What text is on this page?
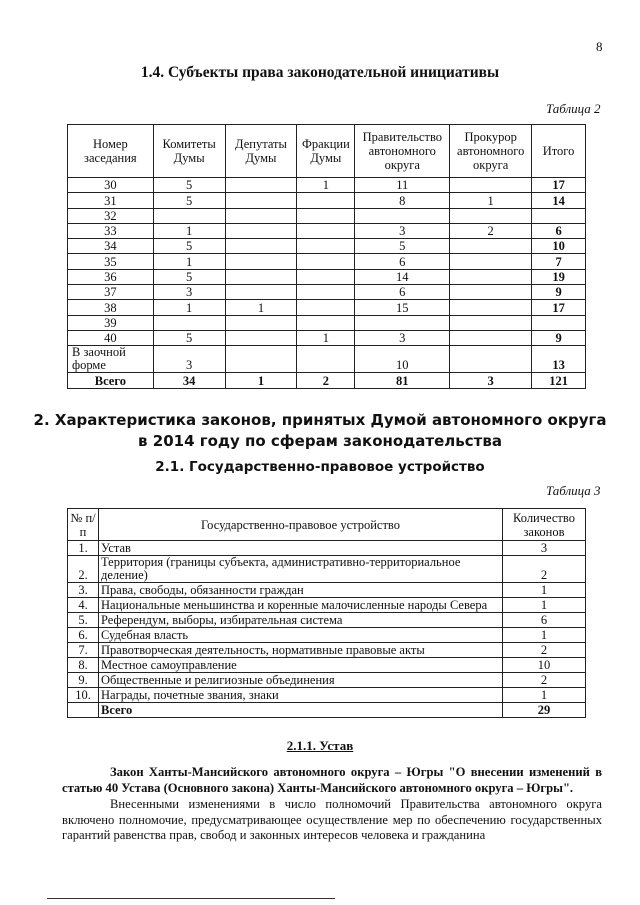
8
1.4. Субъекты права законодательной инициативы
Таблица 2
Номер заседания	Комитеты Думы	Депутаты Думы	Фракции Думы	Правительство автономного округа	Прокурор автономного округа	Итого
30	5		1	11		17
31	5			8	1	14
32						
33	1			3	2	6
34	5			5		10
35	1			6		7
36	5			14		19
37	3			6		9
38	1	1		15		17
39						
40	5		1	3		9
В заочной форме	3			10		13
Всего	34	1	2	81	3	121
2. Характеристика законов, принятых Думой автономного округа
в 2014 году по сферам законодательства
2.1. Государственно-правовое устройство
Таблица 3
№ п/п	Государственно-правовое устройство	Количество законов
1.	Устав	3
2.	Территория (границы субъекта, административно-территориальное деление)	2
3.	Права, свободы, обязанности граждан	1
4.	Национальные меньшинства и коренные малочисленные народы Севера	1
5.	Референдум, выборы, избирательная система	6
6.	Судебная власть	1
7.	Правотворческая деятельность, нормативные правовые акты	2
8.	Местное самоуправление	10
9.	Общественные и религиозные объединения	2
10.	Награды, почетные звания, знаки	1
	Всего	29
2.1.1. Устав
Закон Ханты-Мансийского автономного округа – Югры "О внесении изменений в статью 40 Устава (Основного закона) Ханты-Мансийского автономного округа – Югры".
Внесенными изменениями в число полномочий Правительства автономного округа включено полномочие, предусматривающее осуществление мер по обеспечению государственных гарантий равенства прав, свобод и законных интересов человека и гражданина
